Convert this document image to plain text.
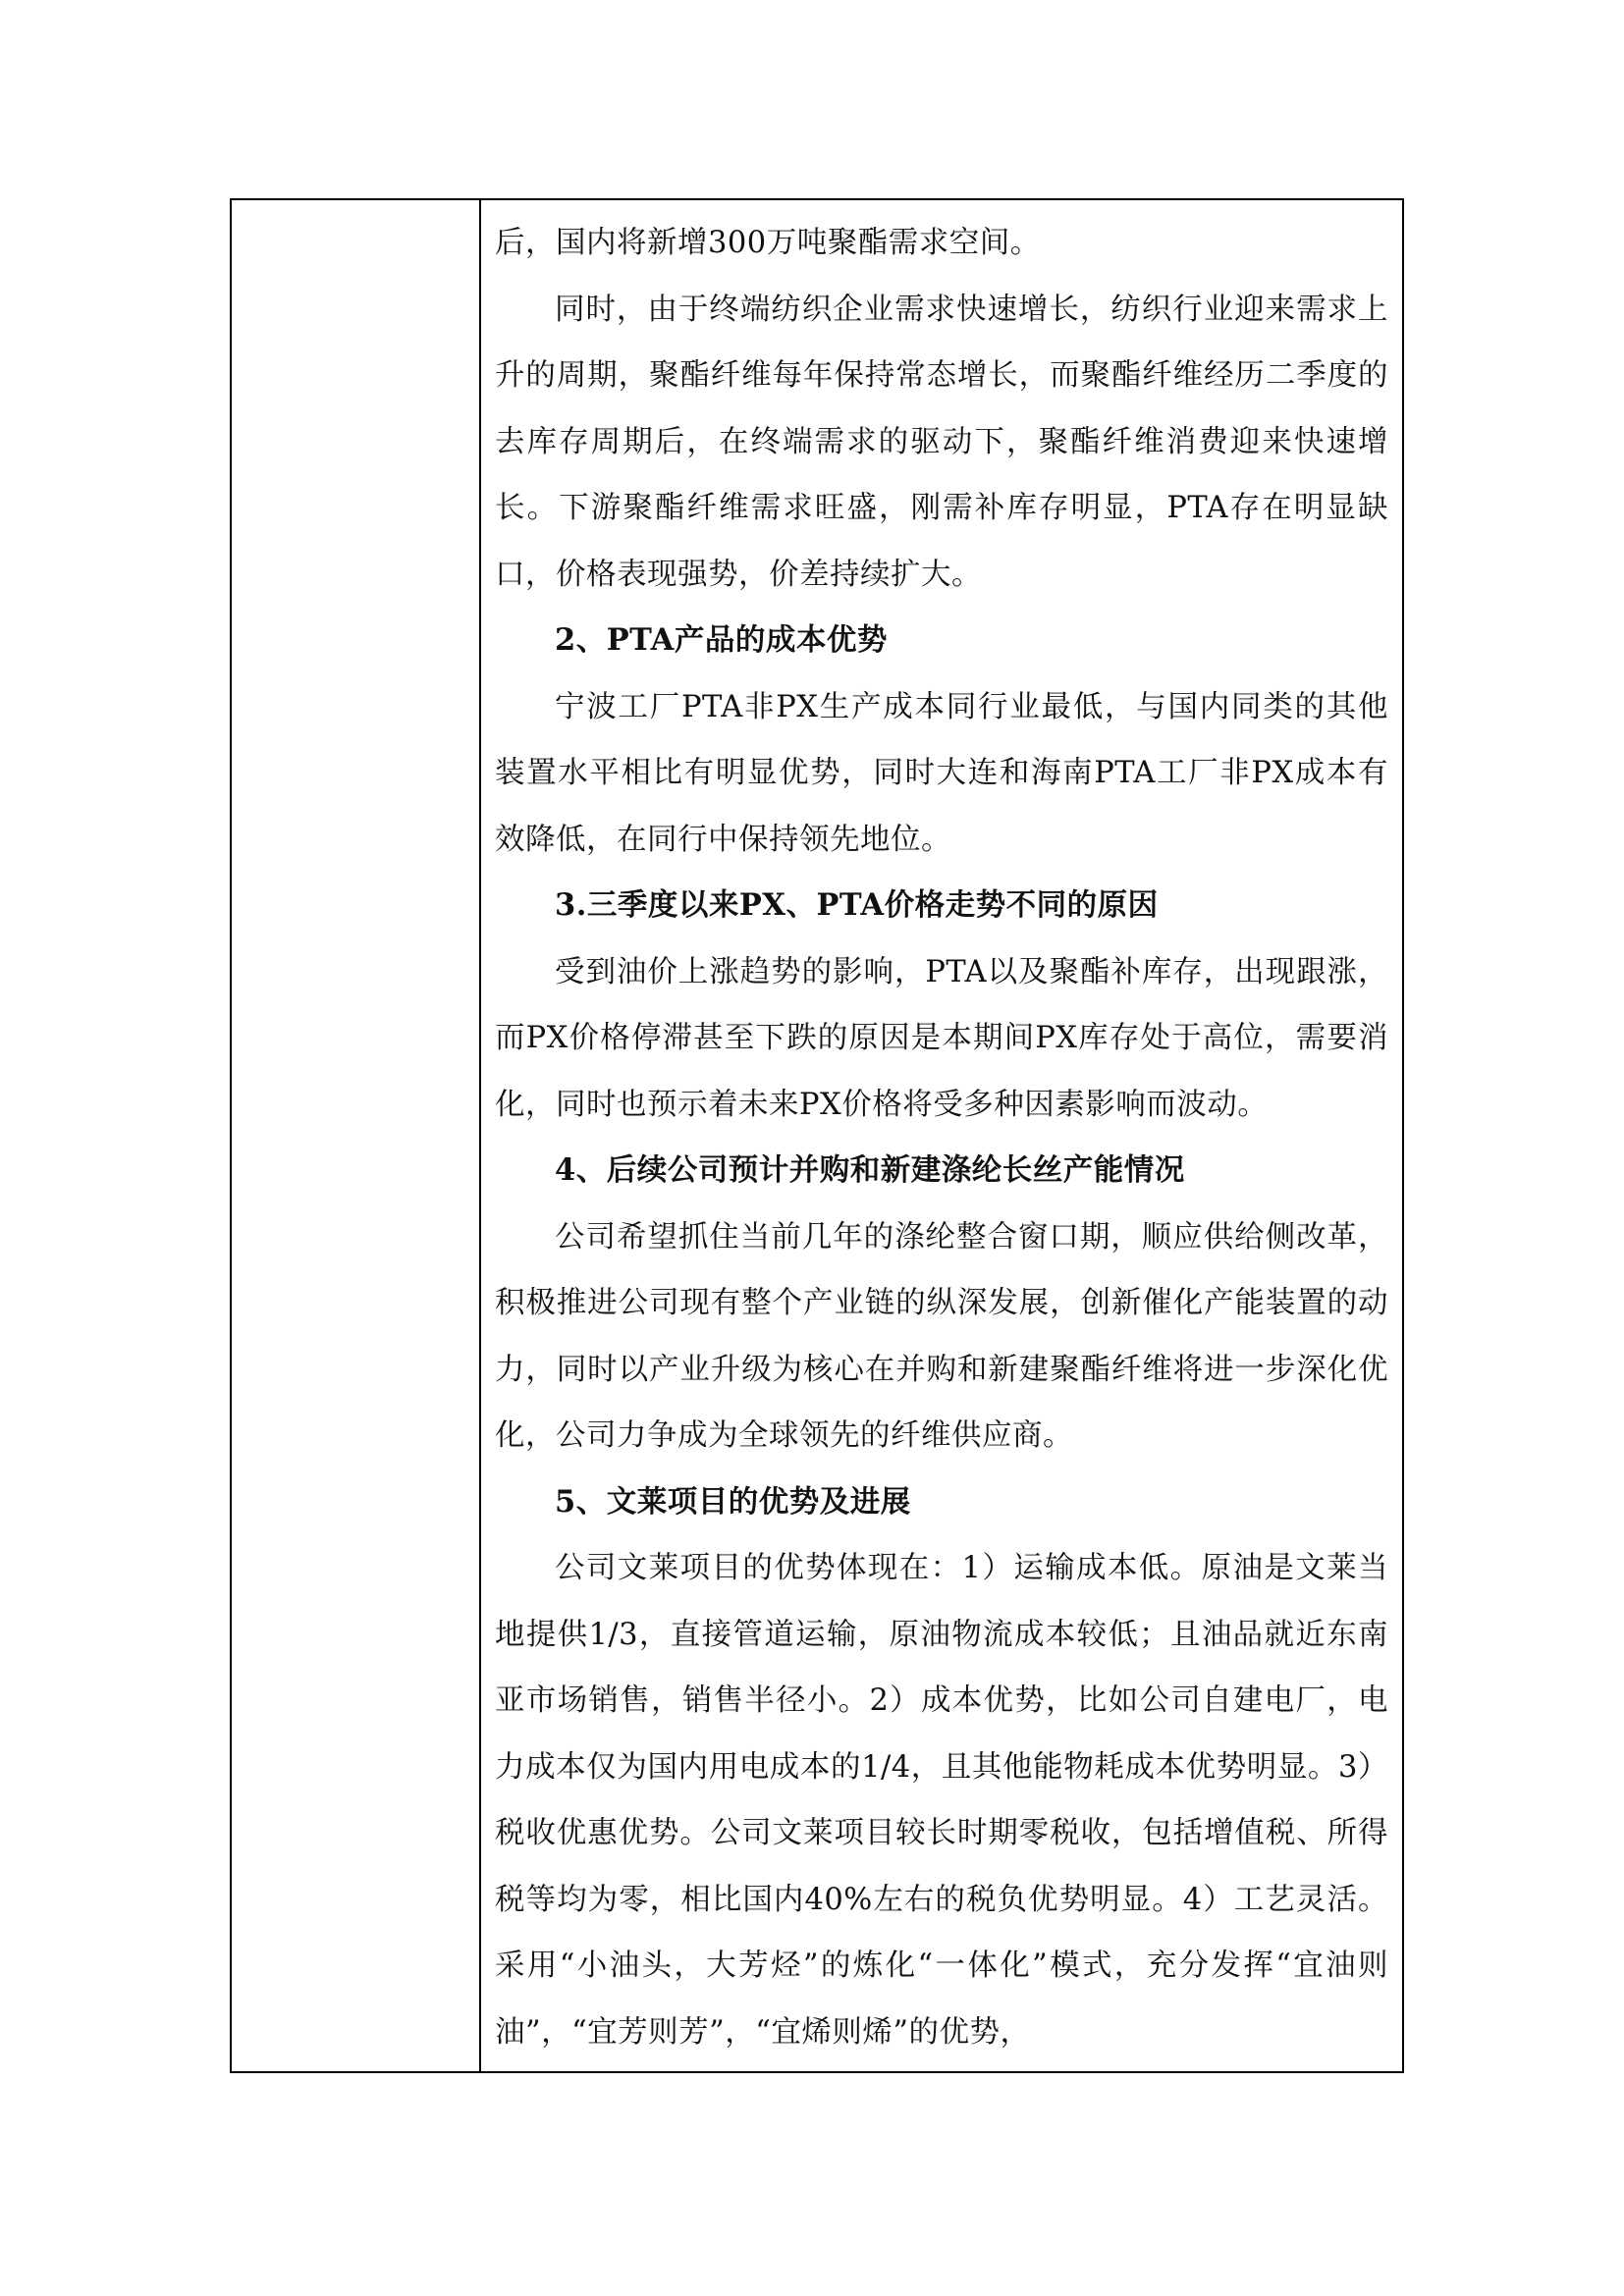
后，国内将新增300万吨聚酯需求空间。

同时，由于终端纺织企业需求快速增长，纺织行业迎来需求上升的周期，聚酯纤维每年保持常态增长，而聚酯纤维经历二季度的去库存周期后，在终端需求的驱动下，聚酯纤维消费迎来快速增长。下游聚酯纤维需求旺盛，刚需补库存明显，PTA存在明显缺口，价格表现强势，价差持续扩大。

2、PTA产品的成本优势

宁波工厂PTA非PX生产成本同行业最低，与国内同类的其他装置水平相比有明显优势，同时大连和海南PTA工厂非PX成本有效降低，在同行中保持领先地位。

3.三季度以来PX、PTA价格走势不同的原因

受到油价上涨趋势的影响，PTA以及聚酯补库存，出现跟涨，而PX价格停滞甚至下跌的原因是本期间PX库存处于高位，需要消化，同时也预示着未来PX价格将受多种因素影响而波动。

4、后续公司预计并购和新建涤纶长丝产能情况

公司希望抓住当前几年的涤纶整合窗口期，顺应供给侧改革，积极推进公司现有整个产业链的纵深发展，创新催化产能装置的动力，同时以产业升级为核心在并购和新建聚酯纤维将进一步深化优化，公司力争成为全球领先的纤维供应商。

5、文莱项目的优势及进展

公司文莱项目的优势体现在：1）运输成本低。原油是文莱当地提供1/3，直接管道运输，原油物流成本较低；且油品就近东南亚市场销售，销售半径小。2）成本优势，比如公司自建电厂，电力成本仅为国内用电成本的1/4，且其他能物耗成本优势明显。3）税收优惠优势。公司文莱项目较长时期零税收，包括增值税、所得税等均为零，相比国内40%左右的税负优势明显。4）工艺灵活。采用“小油头，大芳烃”的炼化“一体化”模式，充分发挥“宜油则油”，“宜芳则芳”，“宜烯则烯”的优势，
